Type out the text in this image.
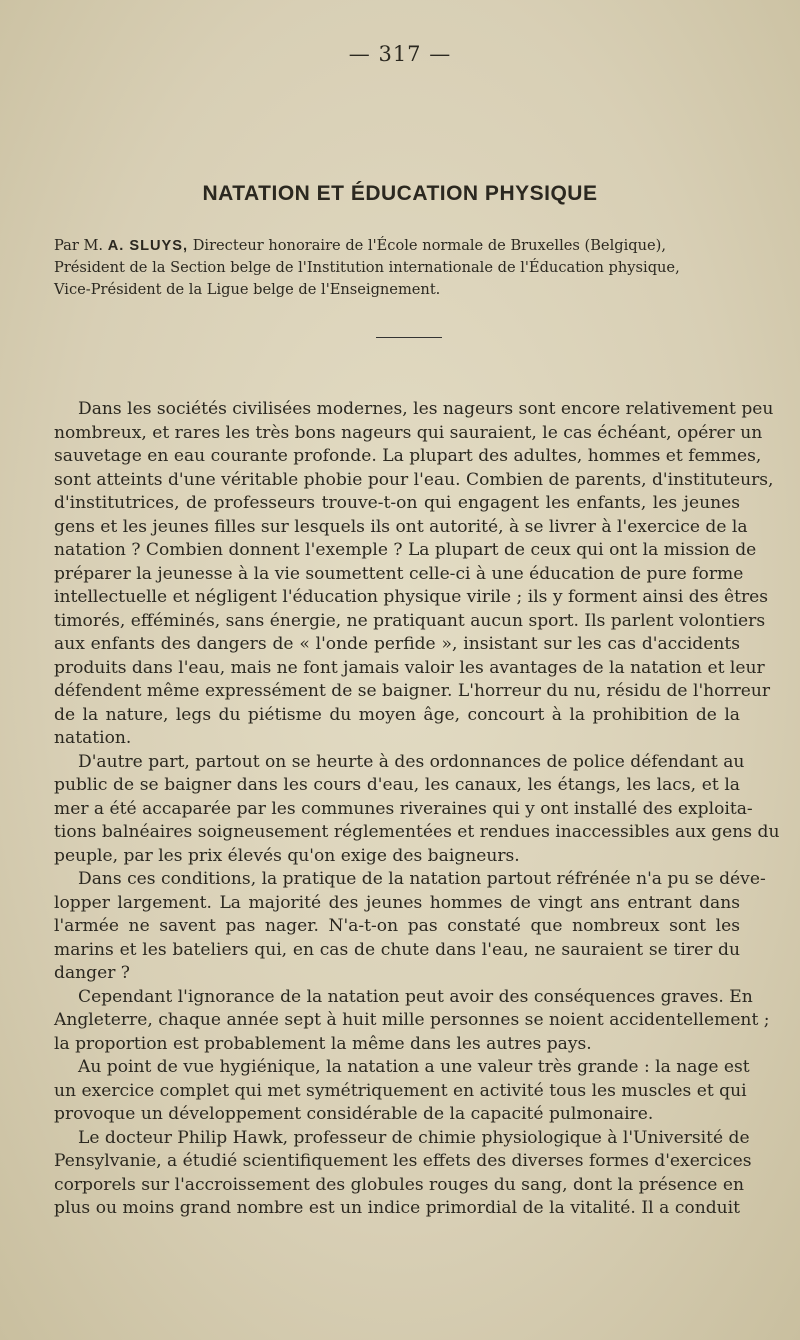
— 317 —
NATATION ET ÉDUCATION PHYSIQUE
Par M. A. SLUYS, Directeur honoraire de l'École normale de Bruxelles (Belgique),
Président de la Section belge de l'Institution internationale de l'Éducation physique,
Vice-Président de la Ligue belge de l'Enseignement.
Dans les sociétés civilisées modernes, les nageurs sont encore relativement peu
nombreux, et rares les très bons nageurs qui sauraient, le cas échéant, opérer un
sauvetage en eau courante profonde. La plupart des adultes, hommes et femmes,
sont atteints d'une véritable phobie pour l'eau. Combien de parents, d'instituteurs,
d'institutrices, de professeurs trouve-t-on qui engagent les enfants, les jeunes
gens et les jeunes filles sur lesquels ils ont autorité, à se livrer à l'exercice de la
natation ? Combien donnent l'exemple ? La plupart de ceux qui ont la mission de
préparer la jeunesse à la vie soumettent celle-ci à une éducation de pure forme
intellectuelle et négligent l'éducation physique virile ; ils y forment ainsi des êtres
timorés, efféminés, sans énergie, ne pratiquant aucun sport. Ils parlent volontiers
aux enfants des dangers de « l'onde perfide », insistant sur les cas d'accidents
produits dans l'eau, mais ne font jamais valoir les avantages de la natation et leur
défendent même expressément de se baigner. L'horreur du nu, résidu de l'horreur
de la nature, legs du piétisme du moyen âge, concourt à la prohibition de la
natation.
D'autre part, partout on se heurte à des ordonnances de police défendant au
public de se baigner dans les cours d'eau, les canaux, les étangs, les lacs, et la
mer a été accaparée par les communes riveraines qui y ont installé des exploita-
tions balnéaires soigneusement réglementées et rendues inaccessibles aux gens du
peuple, par les prix élevés qu'on exige des baigneurs.
Dans ces conditions, la pratique de la natation partout réfrénée n'a pu se déve-
lopper largement. La majorité des jeunes hommes de vingt ans entrant dans
l'armée ne savent pas nager. N'a-t-on pas constaté que nombreux sont les
marins et les bateliers qui, en cas de chute dans l'eau, ne sauraient se tirer du
danger ?
Cependant l'ignorance de la natation peut avoir des conséquences graves. En
Angleterre, chaque année sept à huit mille personnes se noient accidentellement ;
la proportion est probablement la même dans les autres pays.
Au point de vue hygiénique, la natation a une valeur très grande : la nage est
un exercice complet qui met symétriquement en activité tous les muscles et qui
provoque un développement considérable de la capacité pulmonaire.
Le docteur Philip Hawk, professeur de chimie physiologique à l'Université de
Pensylvanie, a étudié scientifiquement les effets des diverses formes d'exercices
corporels sur l'accroissement des globules rouges du sang, dont la présence en
plus ou moins grand nombre est un indice primordial de la vitalité. Il a conduit
